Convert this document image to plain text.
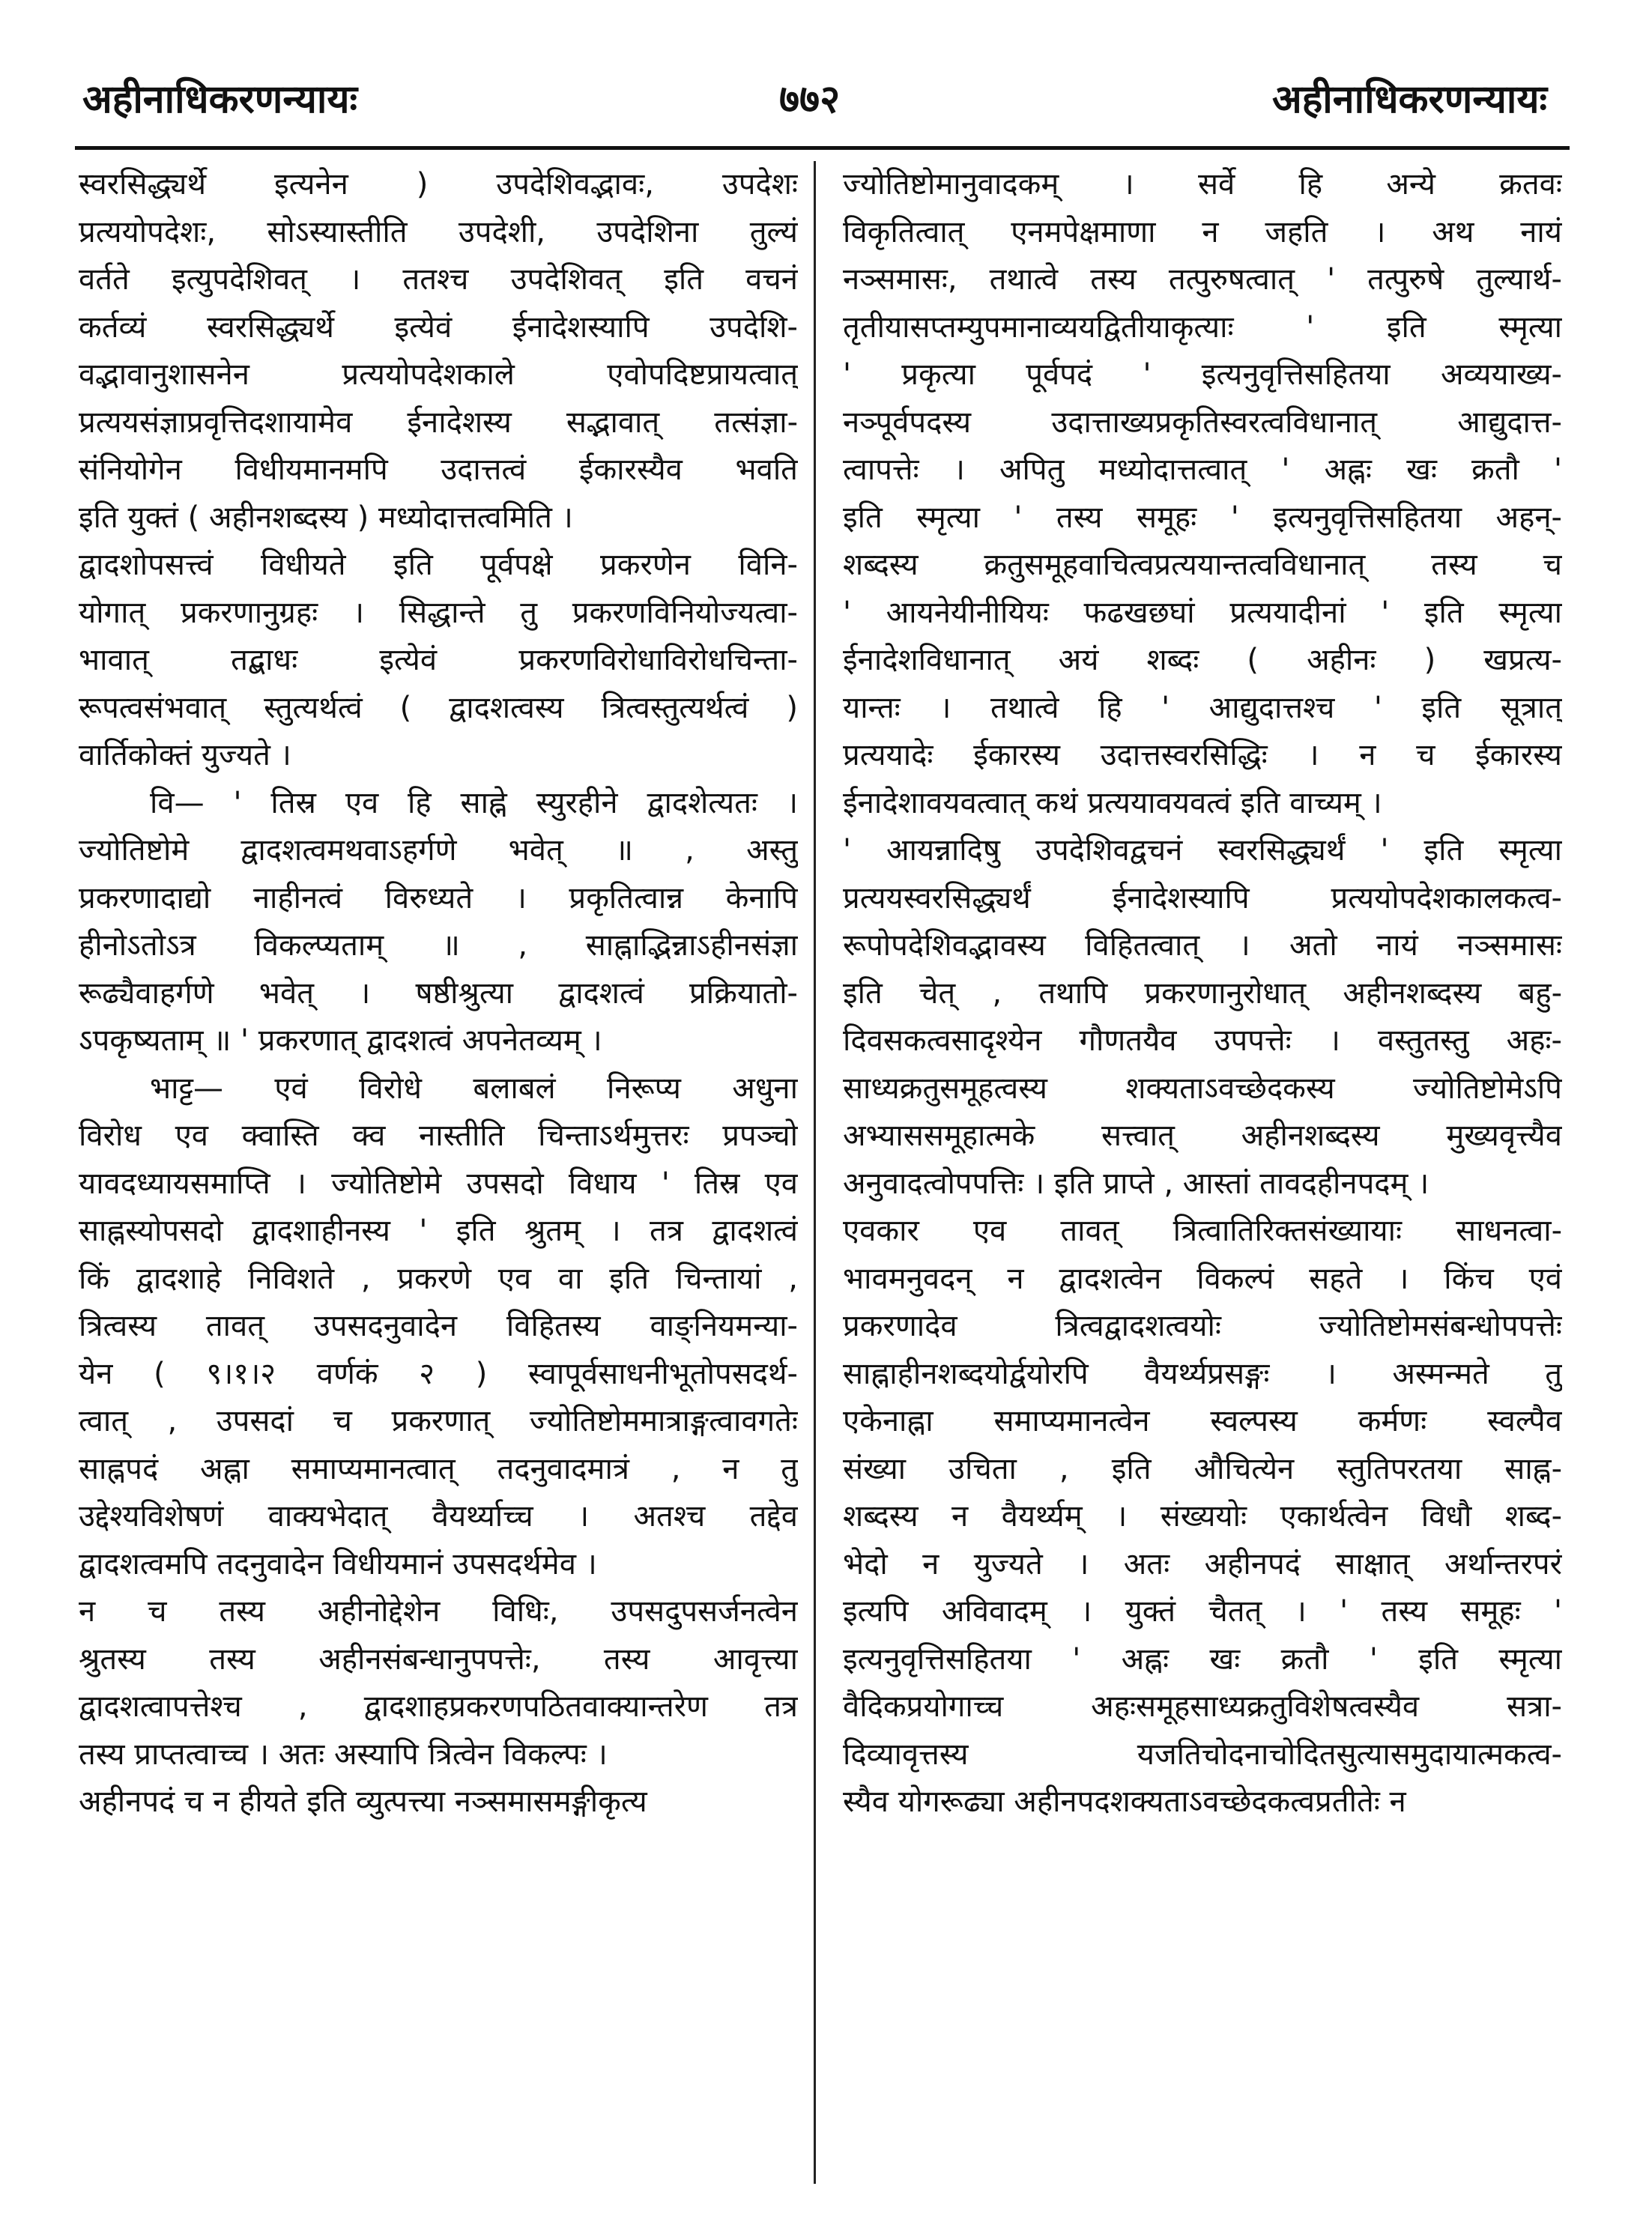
अहीनाधिकरणन्यायः	७७२	अहीनाधिकरणन्यायः
स्वरसिद्ध्यर्थे इत्यनेन ) उपदेशिवद्भावः, उपदेशः
प्रत्ययोपदेशः, सोऽस्यास्तीति उपदेशी, उपदेशिना तुल्यं
वर्तते इत्युपदेशिवत् । ततश्च उपदेशिवत् इति वचनं
कर्तव्यं स्वरसिद्ध्यर्थे इत्येवं ईनादेशस्यापि उपदेशि-
वद्भावानुशासनेन प्रत्ययोपदेशकाले एवोपदिष्टप्रायत्वात्
प्रत्ययसंज्ञाप्रवृत्तिदशायामेव ईनादेशस्य सद्भावात् तत्संज्ञा-
संनियोगेन विधीयमानमपि उदात्तत्वं ईकारस्यैव भवति
इति युक्तं ( अहीनशब्दस्य ) मध्योदात्तत्वमिति ।
द्वादशोपसत्त्वं विधीयते इति पूर्वपक्षे प्रकरणेन विनि-
योगात् प्रकरणानुग्रहः । सिद्धान्ते तु प्रकरणविनियोज्यत्वा-
भावात् तद्बाधः इत्येवं प्रकरणविरोधाविरोधचिन्ता-
रूपत्वसंभवात् स्तुत्यर्थत्वं ( द्वादशत्वस्य त्रित्वस्तुत्यर्थत्वं )
वार्तिकोक्तं युज्यते ।
वि— ' तिस्र एव हि साह्ने स्युरहीने द्वादशेत्यतः ।
ज्योतिष्टोमे द्वादशत्वमथवाऽहर्गणे भवेत् ॥ , अस्तु
प्रकरणादाद्यो नाहीनत्वं विरुध्यते । प्रकृतित्वान्न केनापि
हीनोऽतोऽत्र विकल्प्यताम् ॥ , साह्नाद्भिन्नाऽहीनसंज्ञा
रूढ्यैवाहर्गणे भवेत् । षष्ठीश्रुत्या द्वादशत्वं प्रक्रियातो-
ऽपकृष्यताम् ॥ ' प्रकरणात् द्वादशत्वं अपनेतव्यम् ।
भाट्ट— एवं विरोधे बलाबलं निरूप्य अधुना
विरोध एव क्वास्ति क्व नास्तीति चिन्ताऽर्थमुत्तरः प्रपञ्चो
यावदध्यायसमाप्ति । ज्योतिष्टोमे उपसदो विधाय ' तिस्र एव
साह्नस्योपसदो द्वादशाहीनस्य ' इति श्रुतम् । तत्र द्वादशत्वं
किं द्वादशाहे निविशते , प्रकरणे एव वा इति चिन्तायां ,
त्रित्वस्य तावत् उपसदनुवादेन विहितस्य वाङ्नियमन्या-
येन ( ९।१।२ वर्णकं २ ) स्वापूर्वसाधनीभूतोपसदर्थ-
त्वात् , उपसदां च प्रकरणात् ज्योतिष्टोममात्राङ्गत्वावगतेः
साह्नपदं अह्ना समाप्यमानत्वात् तदनुवादमात्रं , न तु
उद्देश्यविशेषणं वाक्यभेदात् वैयर्थ्याच्च । अतश्च तद्देव
द्वादशत्वमपि तदनुवादेन विधीयमानं उपसदर्थमेव ।
न च तस्य अहीनोद्देशेन विधिः, उपसदुपसर्जनत्वेन
श्रुतस्य तस्य अहीनसंबन्धानुपपत्तेः, तस्य आवृत्त्या
द्वादशत्वापत्तेश्च , द्वादशाहप्रकरणपठितवाक्यान्तरेण तत्र
तस्य प्राप्तत्वाच्च । अतः अस्यापि त्रित्वेन विकल्पः ।
अहीनपदं च न हीयते इति व्युत्पत्त्या नञ्समासमङ्गीकृत्य
ज्योतिष्टोमानुवादकम् । सर्वे हि अन्ये क्रतवः
विकृतित्वात् एनमपेक्षमाणा न जहति । अथ नायं
नञ्समासः, तथात्वे तस्य तत्पुरुषत्वात् ' तत्पुरुषे तुल्यार्थ-
तृतीयासप्तम्युपमानाव्ययद्वितीयाकृत्याः ' इति स्मृत्या
' प्रकृत्या पूर्वपदं ' इत्यनुवृत्तिसहितया अव्ययाख्य-
नञ्पूर्वपदस्य उदात्ताख्यप्रकृतिस्वरत्वविधानात् आद्युदात्त-
त्वापत्तेः । अपितु मध्योदात्तत्वात् ' अह्नः खः क्रतौ '
इति स्मृत्या ' तस्य समूहः ' इत्यनुवृत्तिसहितया अहन्-
शब्दस्य क्रतुसमूहवाचित्वप्रत्ययान्तत्वविधानात् तस्य च
' आयनेयीनीयियः फढखछघां प्रत्ययादीनां ' इति स्मृत्या
ईनादेशविधानात् अयं शब्दः ( अहीनः ) खप्रत्य-
यान्तः । तथात्वे हि ' आद्युदात्तश्च ' इति सूत्रात्
प्रत्ययादेः ईकारस्य उदात्तस्वरसिद्धिः । न च ईकारस्य
ईनादेशावयवत्वात् कथं प्रत्ययावयवत्वं इति वाच्यम् ।
' आयन्नादिषु उपदेशिवद्वचनं स्वरसिद्ध्यर्थं ' इति स्मृत्या
प्रत्ययस्वरसिद्ध्यर्थं ईनादेशस्यापि प्रत्ययोपदेशकालकत्व-
रूपोपदेशिवद्भावस्य विहितत्वात् । अतो नायं नञ्समासः
इति चेत् , तथापि प्रकरणानुरोधात् अहीनशब्दस्य बहु-
दिवसकत्वसादृश्येन गौणतयैव उपपत्तेः । वस्तुतस्तु अहः-
साध्यक्रतुसमूहत्वस्य शक्यताऽवच्छेदकस्य ज्योतिष्टोमेऽपि
अभ्याससमूहात्मके सत्त्वात् अहीनशब्दस्य मुख्यवृत्त्यैव
अनुवादत्वोपपत्तिः । इति प्राप्ते , आस्तां तावदहीनपदम् ।
एवकार एव तावत् त्रित्वातिरिक्तसंख्यायाः साधनत्वा-
भावमनुवदन् न द्वादशत्वेन विकल्पं सहते । किंच एवं
प्रकरणादेव त्रित्वद्वादशत्वयोः ज्योतिष्टोमसंबन्धोपपत्तेः
साह्नाहीनशब्दयोर्द्वयोरपि वैयर्थ्यप्रसङ्गः । अस्मन्मते तु
एकेनाह्ना समाप्यमानत्वेन स्वल्पस्य कर्मणः स्वल्पैव
संख्या उचिता , इति औचित्येन स्तुतिपरतया साह्न-
शब्दस्य न वैयर्थ्यम् । संख्ययोः एकार्थत्वेन विधौ शब्द-
भेदो न युज्यते । अतः अहीनपदं साक्षात् अर्थान्तरपरं
इत्यपि अविवादम् । युक्तं चैतत् । ' तस्य समूहः '
इत्यनुवृत्तिसहितया ' अह्नः खः क्रतौ ' इति स्मृत्या
वैदिकप्रयोगाच्च अहःसमूहसाध्यक्रतुविशेषत्वस्यैव सत्रा-
दिव्यावृत्तस्य यजतिचोदनाचोदितसुत्यासमुदायात्मकत्व-
स्यैव योगरूढ्या अहीनपदशक्यताऽवच्छेदकत्वप्रतीतेः न
